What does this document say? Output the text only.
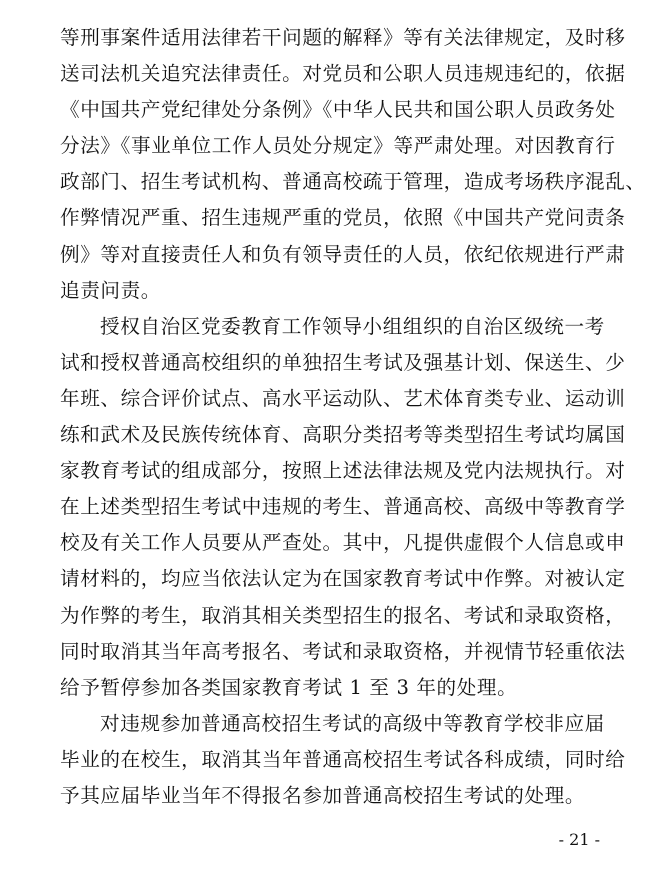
等刑事案件适用法律若干问题的解释》等有关法律规定，及时移
送司法机关追究法律责任。对党员和公职人员违规违纪的，依据
《中国共产党纪律处分条例》《中华人民共和国公职人员政务处
分法》《事业单位工作人员处分规定》等严肃处理。对因教育行
政部门、招生考试机构、普通高校疏于管理，造成考场秩序混乱、
作弊情况严重、招生违规严重的党员，依照《中国共产党问责条
例》等对直接责任人和负有领导责任的人员，依纪依规进行严肃
追责问责。
授权自治区党委教育工作领导小组组织的自治区级统一考
试和授权普通高校组织的单独招生考试及强基计划、保送生、少
年班、综合评价试点、高水平运动队、艺术体育类专业、运动训
练和武术及民族传统体育、高职分类招考等类型招生考试均属国
家教育考试的组成部分，按照上述法律法规及党内法规执行。对
在上述类型招生考试中违规的考生、普通高校、高级中等教育学
校及有关工作人员要从严查处。其中，凡提供虚假个人信息或申
请材料的，均应当依法认定为在国家教育考试中作弊。对被认定
为作弊的考生，取消其相关类型招生的报名、考试和录取资格，
同时取消其当年高考报名、考试和录取资格，并视情节轻重依法
给予暂停参加各类国家教育考试 1 至 3 年的处理。
对违规参加普通高校招生考试的高级中等教育学校非应届
毕业的在校生，取消其当年普通高校招生考试各科成绩，同时给
予其应届毕业当年不得报名参加普通高校招生考试的处理。
- 21 -
